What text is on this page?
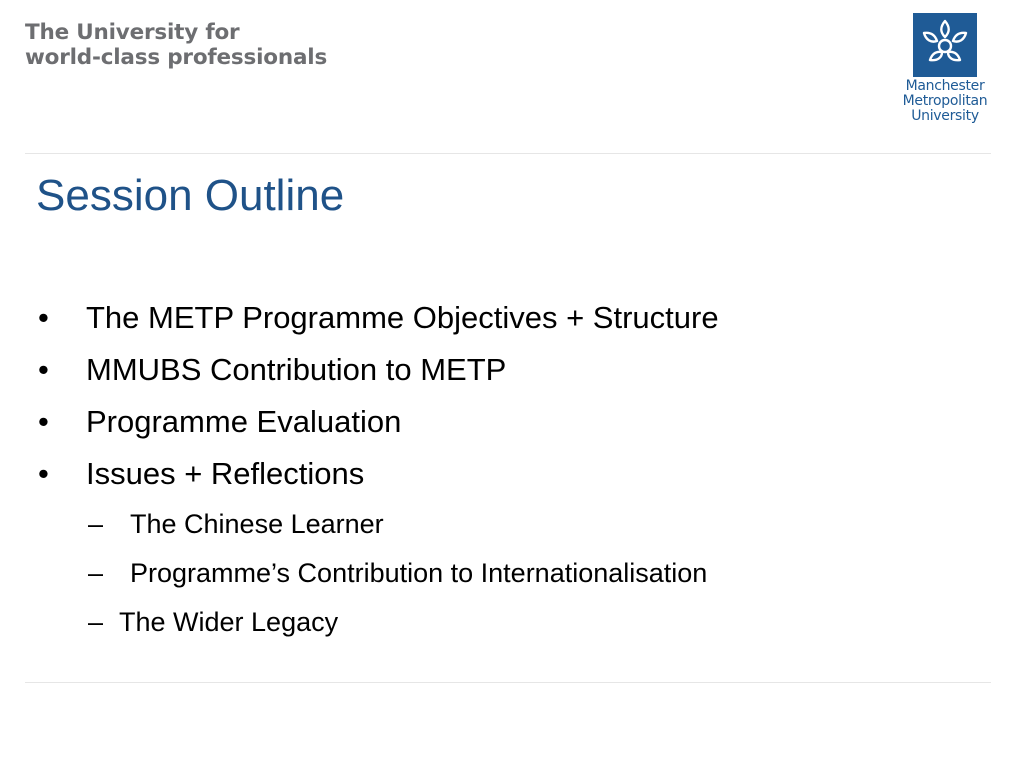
The University for
world-class professionals
Manchester
Metropolitan
University
Session Outline
• The METP Programme Objectives + Structure
• MMUBS Contribution to METP
• Programme Evaluation
• Issues + Reflections
– The Chinese Learner
– Programme’s Contribution to Internationalisation
– The Wider Legacy
